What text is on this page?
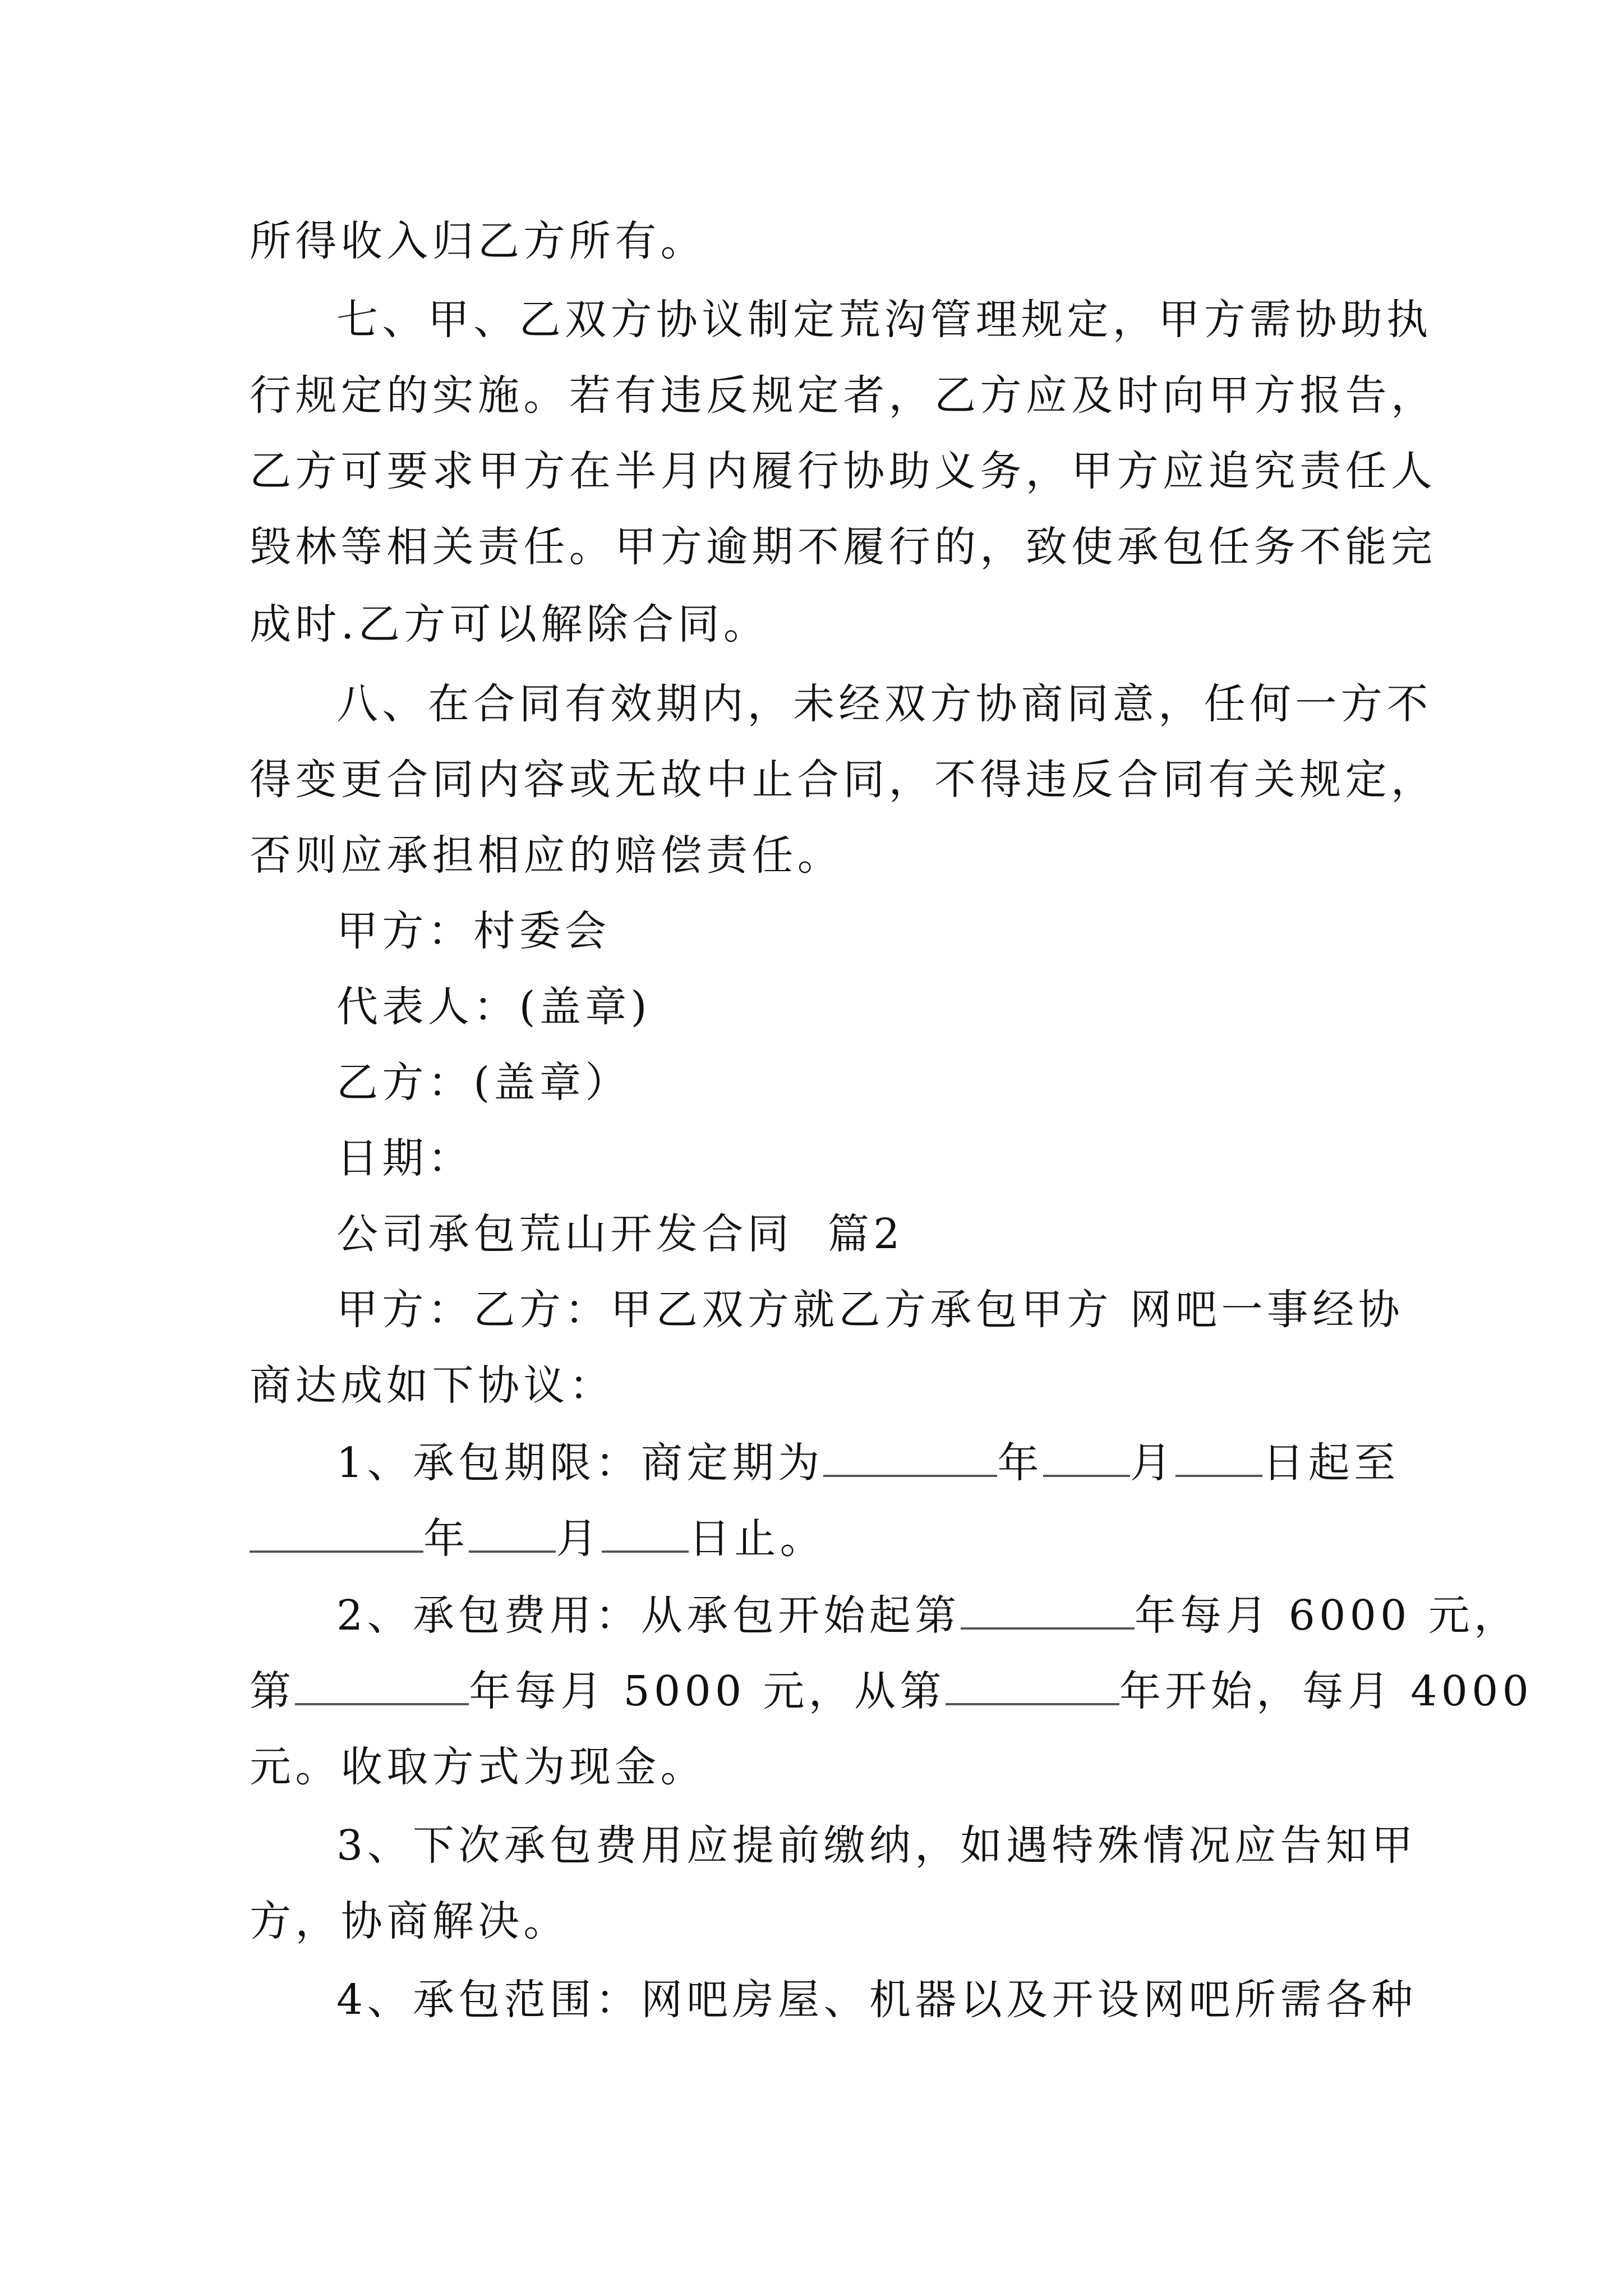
所得收入归乙方所有。
七、甲、乙双方协议制定荒沟管理规定，甲方需协助执
行规定的实施。若有违反规定者，乙方应及时向甲方报告，
乙方可要求甲方在半月内履行协助义务，甲方应追究责任人
毁林等相关责任。甲方逾期不履行的，致使承包任务不能完
成时.乙方可以解除合同。
八、在合同有效期内，未经双方协商同意，任何一方不
得变更合同内容或无故中止合同，不得违反合同有关规定，
否则应承担相应的赔偿责任。
甲方：村委会
代表人：(盖章)
乙方：(盖章）
日期：
公司承包荒山开发合同  篇2
甲方：乙方：甲乙双方就乙方承包甲方 网吧一事经协
商达成如下协议：
1、承包期限：商定期为	年 月 日起至
年 月 日止。
2、承包费用：从承包开始起第	年每月 6000 元，
第	年每月 5000 元，从第	年开始，每月 4000
元。收取方式为现金。
3、下次承包费用应提前缴纳，如遇特殊情况应告知甲
方，协商解决。
4、承包范围：网吧房屋、机器以及开设网吧所需各种
